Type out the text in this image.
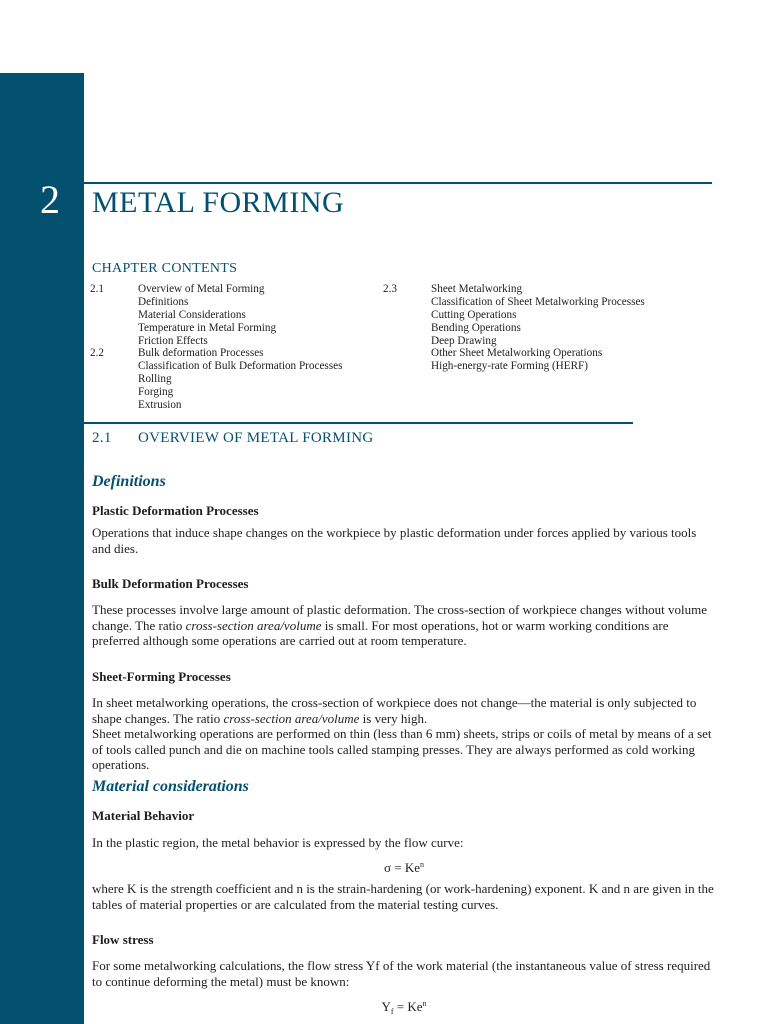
2 METAL FORMING
CHAPTER CONTENTS
2.1	Overview of Metal Forming
Definitions
Material Considerations
Temperature in Metal Forming
Friction Effects
2.2	Bulk deformation Processes
Classification of Bulk Deformation Processes
Rolling
Forging
Extrusion
2.3	Sheet Metalworking
Classification of Sheet Metalworking Processes
Cutting Operations
Bending Operations
Deep Drawing
Other Sheet Metalworking Operations
High-energy-rate Forming (HERF)
2.1 OVERVIEW OF METAL FORMING
Definitions
Plastic Deformation Processes

Operations that induce shape changes on the workpiece by plastic deformation under forces applied by various tools and dies.

Bulk Deformation Processes

These processes involve large amount of plastic deformation. The cross-section of workpiece changes without volume change. The ratio cross-section area/volume is small. For most operations, hot or warm working conditions are preferred although some operations are carried out at room temperature.

Sheet-Forming Processes

In sheet metalworking operations, the cross-section of workpiece does not change—the material is only subjected to shape changes. The ratio cross-section area/volume is very high.

Sheet metalworking operations are performed on thin (less than 6 mm) sheets, strips or coils of metal by means of a set of tools called punch and die on machine tools called stamping presses. They are always performed as cold working operations.

Material considerations
Material Behavior

In the plastic region, the metal behavior is expressed by the flow curve:

$\sigma = Ke^n$

where K is the strength coefficient and n is the strain-hardening (or work-hardening) exponent. K and n are given in the tables of material properties or are calculated from the material testing curves.

Flow stress

For some metalworking calculations, the flow stress Yf of the work material (the instantaneous value of stress required to continue deforming the metal) must be known:

$Y_f = Ke^n$
